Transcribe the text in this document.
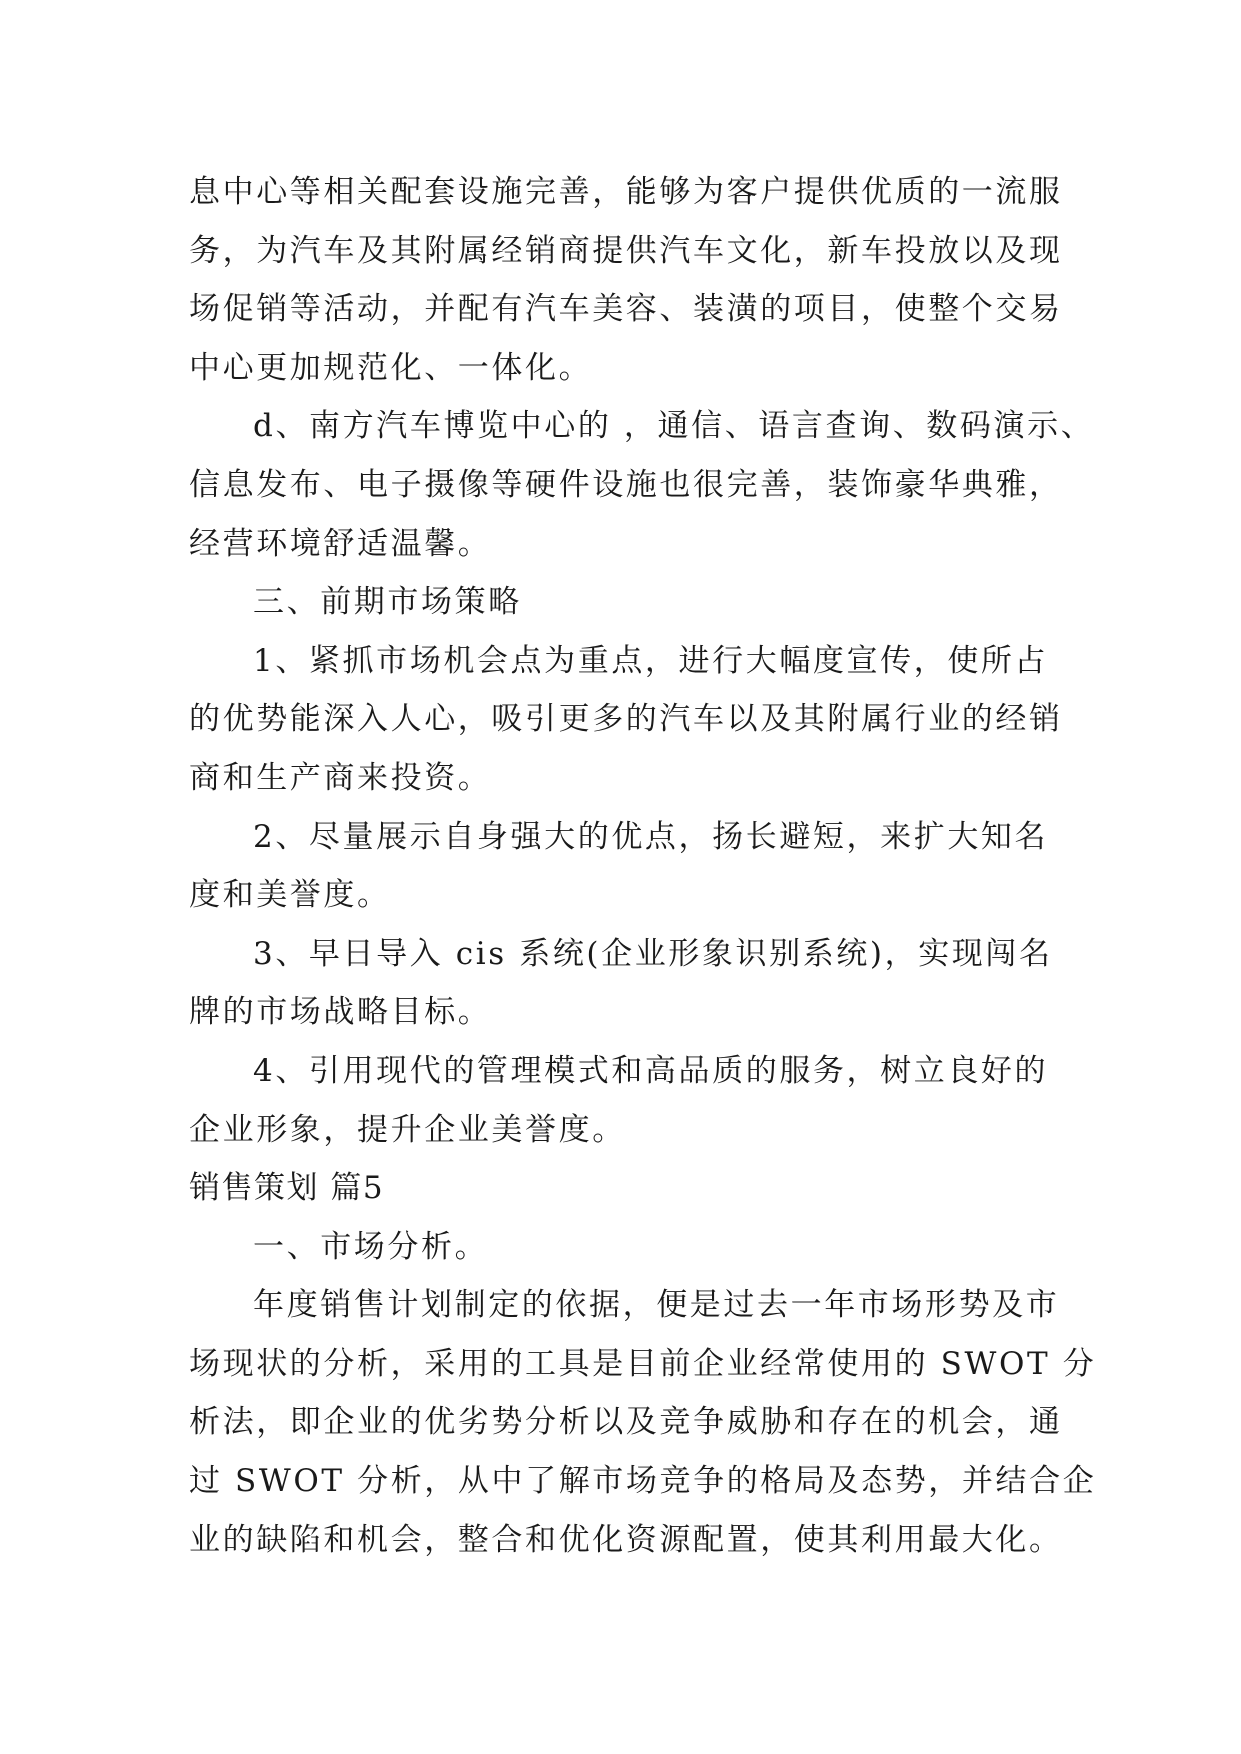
息中心等相关配套设施完善，能够为客户提供优质的一流服
务，为汽车及其附属经销商提供汽车文化，新车投放以及现
场促销等活动，并配有汽车美容、装潢的项目，使整个交易
中心更加规范化、一体化。
d、南方汽车博览中心的 ，通信、语言查询、数码演示、
信息发布、电子摄像等硬件设施也很完善，装饰豪华典雅，
经营环境舒适温馨。
三、前期市场策略
1、紧抓市场机会点为重点，进行大幅度宣传，使所占
的优势能深入人心，吸引更多的汽车以及其附属行业的经销
商和生产商来投资。
2、尽量展示自身强大的优点，扬长避短，来扩大知名
度和美誉度。
3、早日导入 cis 系统(企业形象识别系统)，实现闯名
牌的市场战略目标。
4、引用现代的管理模式和高品质的服务，树立良好的
企业形象，提升企业美誉度。
销售策划 篇5
一、市场分析。
年度销售计划制定的依据，便是过去一年市场形势及市
场现状的分析，采用的工具是目前企业经常使用的 SWOT 分
析法，即企业的优劣势分析以及竞争威胁和存在的机会，通
过 SWOT 分析，从中了解市场竞争的格局及态势，并结合企
业的缺陷和机会，整合和优化资源配置，使其利用最大化。
